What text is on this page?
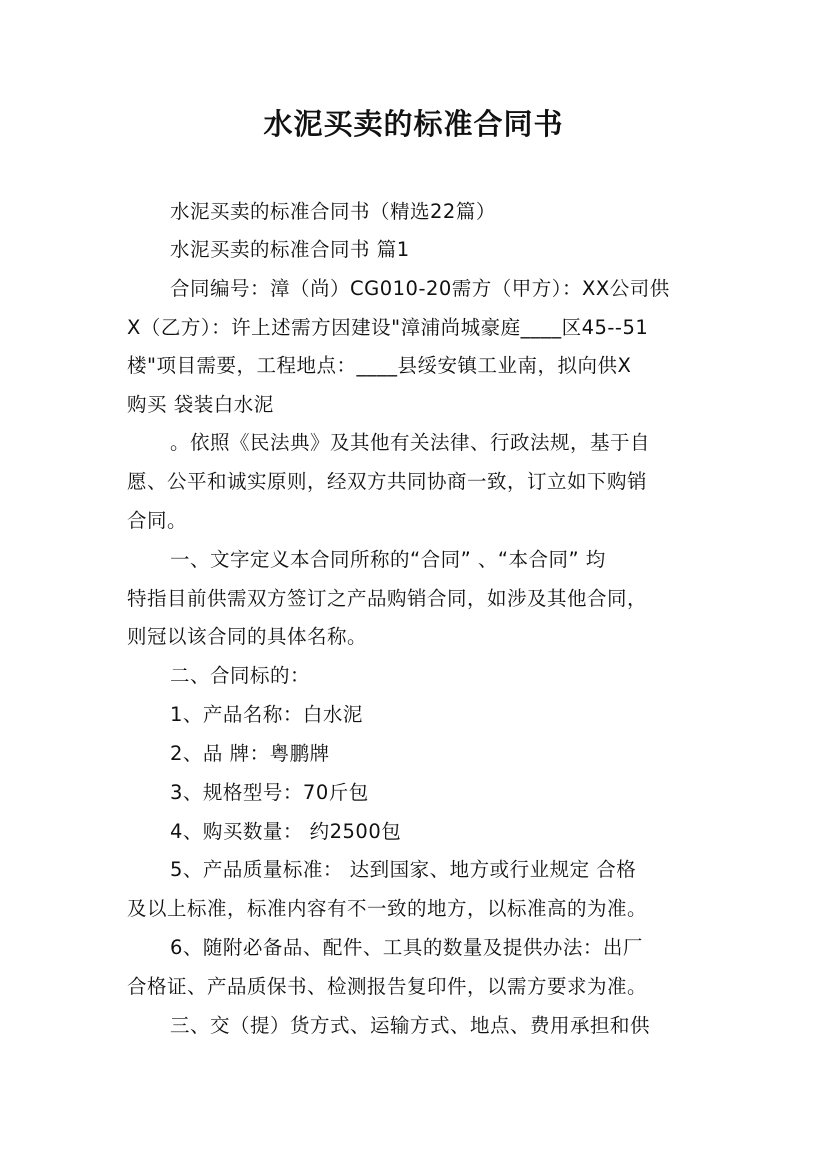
水泥买卖的标准合同书
水泥买卖的标准合同书（精选22篇）
水泥买卖的标准合同书 篇1
合同编号：漳（尚）CG010-20需方（甲方）：XX公司供
X（乙方）：许上述需方因建设"漳浦尚城豪庭____区45--51
楼"项目需要，工程地点：____县绥安镇工业南，拟向供X
购买 袋装白水泥
。依照《民法典》及其他有关法律、行政法规，基于自
愿、公平和诚实原则，经双方共同协商一致，订立如下购销
合同。
一、文字定义本合同所称的“合同” 、“本合同” 均
特指目前供需双方签订之产品购销合同，如涉及其他合同，
则冠以该合同的具体名称。
二、合同标的：
1、产品名称：白水泥
2、品 牌：粤鹏牌
3、规格型号：70斤包
4、购买数量： 约2500包
5、产品质量标准： 达到国家、地方或行业规定 合格
及以上标准，标准内容有不一致的地方，以标准高的为准。
6、随附必备品、配件、工具的数量及提供办法：出厂
合格证、产品质保书、检测报告复印件，以需方要求为准。
三、交（提）货方式、运输方式、地点、费用承担和供
